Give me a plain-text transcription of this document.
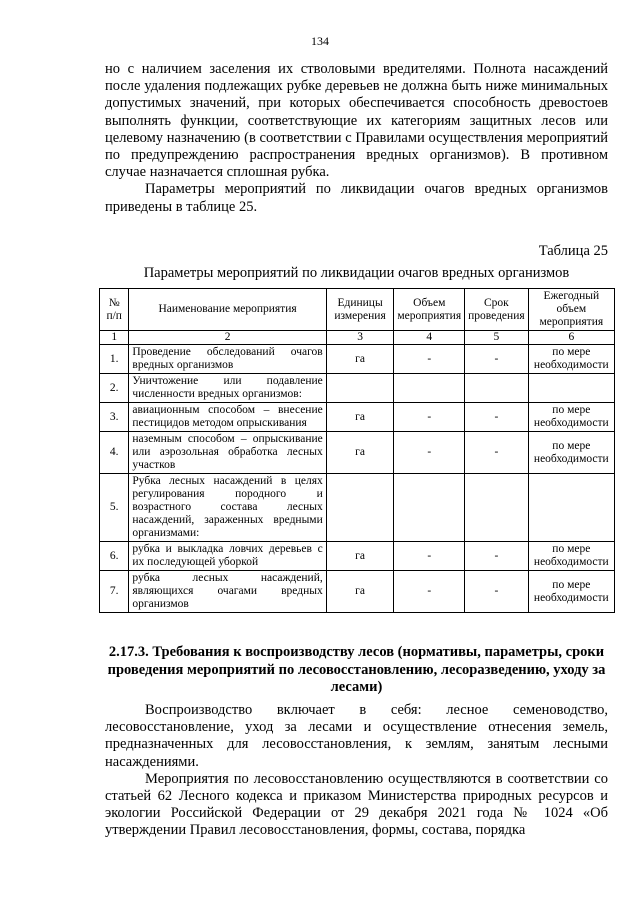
134

но с наличием заселения их стволовыми вредителями. Полнота насаждений после удаления подлежащих рубке деревьев не должна быть ниже минимальных допустимых значений, при которых обеспечивается способность древостоев выполнять функции, соответствующие их категориям защитных лесов или целевому назначению (в соответствии с Правилами осуществления мероприятий по предупреждению распространения вредных организмов). В противном случае назначается сплошная рубка.

Параметры мероприятий по ликвидации очагов вредных организмов приведены в таблице 25.

Таблица 25
Параметры мероприятий по ликвидации очагов вредных организмов
№ п/п	Наименование мероприятия	Единицы измерения	Объем мероприятия	Срок проведения	Ежегодный объем мероприятия
1	2	3	4	5	6
1.	Проведение обследований очагов вредных организмов	га	-	-	по мере необходимости
2.	Уничтожение или подавление численности вредных организмов:				
3.	авиационным способом – внесение пестицидов методом опрыскивания	га	-	-	по мере необходимости
4.	наземным способом – опрыскивание или аэрозольная обработка лесных участков	га	-	-	по мере необходимости
5.	Рубка лесных насаждений в целях регулирования породного и возрастного состава лесных насаждений, зараженных вредными организмами:				
6.	рубка и выкладка ловчих деревьев с их последующей уборкой	га	-	-	по мере необходимости
7.	рубка лесных насаждений, являющихся очагами вредных организмов	га	-	-	по мере необходимости
2.17.3. Требования к воспроизводству лесов (нормативы, параметры, сроки проведения мероприятий по лесовосстановлению, лесоразведению, уходу за лесами)

Воспроизводство включает в себя: лесное семеноводство, лесовосстановление, уход за лесами и осуществление отнесения земель, предназначенных для лесовосстановления, к землям, занятым лесными насаждениями.

Мероприятия по лесовосстановлению осуществляются в соответствии со статьей 62 Лесного кодекса и приказом Министерства природных ресурсов и экологии Российской Федерации от 29 декабря 2021 года № 1024 «Об утверждении Правил лесовосстановления, формы, состава, порядка
